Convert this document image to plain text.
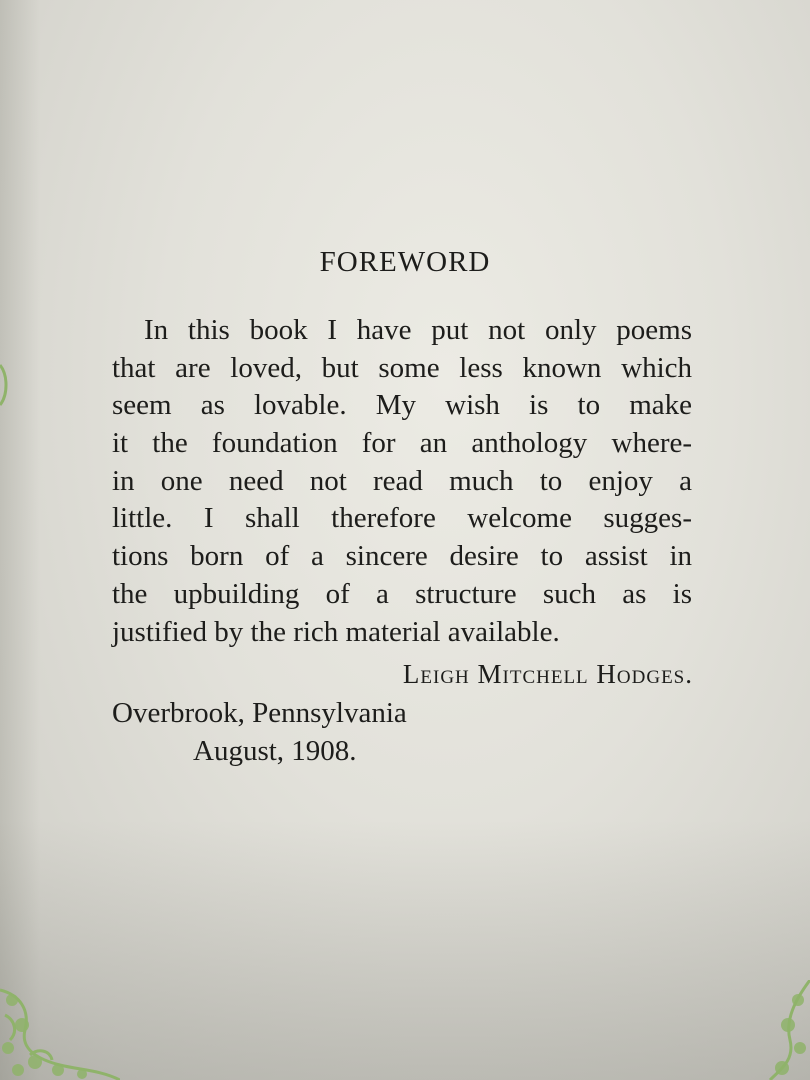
FOREWORD
In this book I have put not only poems
that are loved, but some less known which
seem as lovable. My wish is to make
it the foundation for an anthology where-
in one need not read much to enjoy a
little. I shall therefore welcome sugges-
tions born of a sincere desire to assist in
the upbuilding of a structure such as is
justified by the rich material available.
Leigh Mitchell Hodges.
Overbrook, Pennsylvania
August, 1908.
